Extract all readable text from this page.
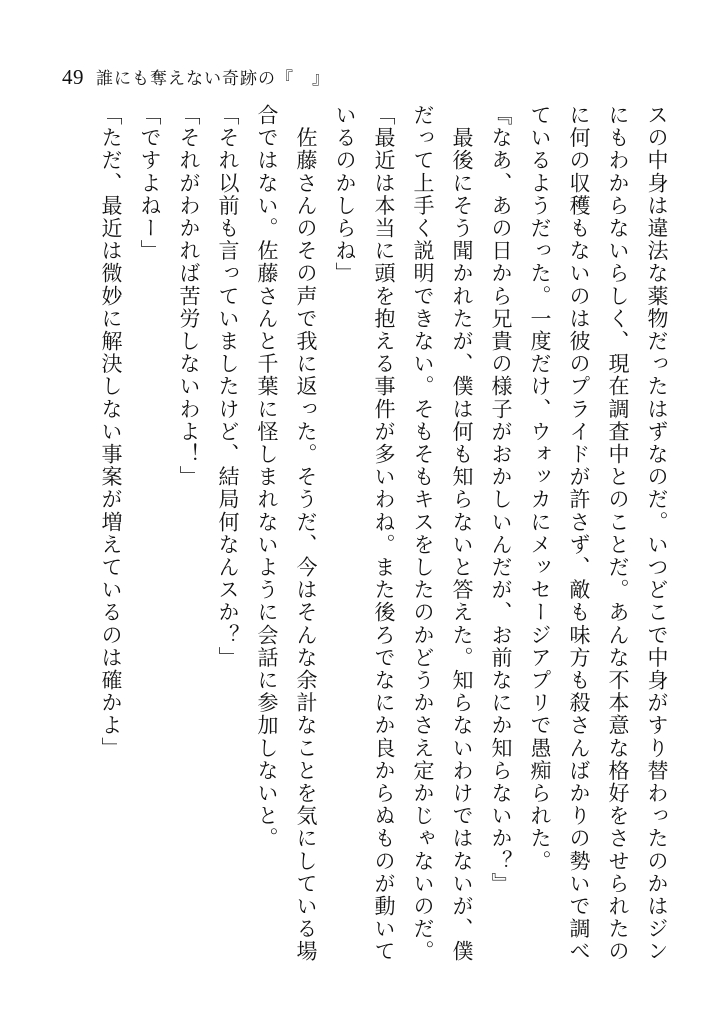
49 誰にも奪えない奇跡の『　』

スの中身は違法な薬物だったはずなのだ。いつどこで中身がすり替わったのかはジン

にもわからないらしく、現在調査中とのことだ。あんな不本意な格好をさせられたの

に何の収穫もないのは彼のプライドが許さず、敵も味方も殺さんばかりの勢いで調べ

ているようだった。一度だけ、ウォッカにメッセージアプリで愚痴られた。

『なあ、あの日から兄貴の様子がおかしいんだが、お前なにか知らないか？』

　最後にそう聞かれたが、僕は何も知らないと答えた。知らないわけではないが、僕

だって上手く説明できない。そもそもキスをしたのかどうかさえ定かじゃないのだ。

「最近は本当に頭を抱える事件が多いわね。また後ろでなにか良からぬものが動いて

いるのかしらね」

　佐藤さんのその声で我に返った。そうだ、今はそんな余計なことを気にしている場

合ではない。佐藤さんと千葉に怪しまれないように会話に参加しないと。

「それ以前も言っていましたけど、結局何なんスか？」

「それがわかれば苦労しないわよ！」

「ですよねー」

「ただ、最近は微妙に解決しない事案が増えているのは確かよ」
